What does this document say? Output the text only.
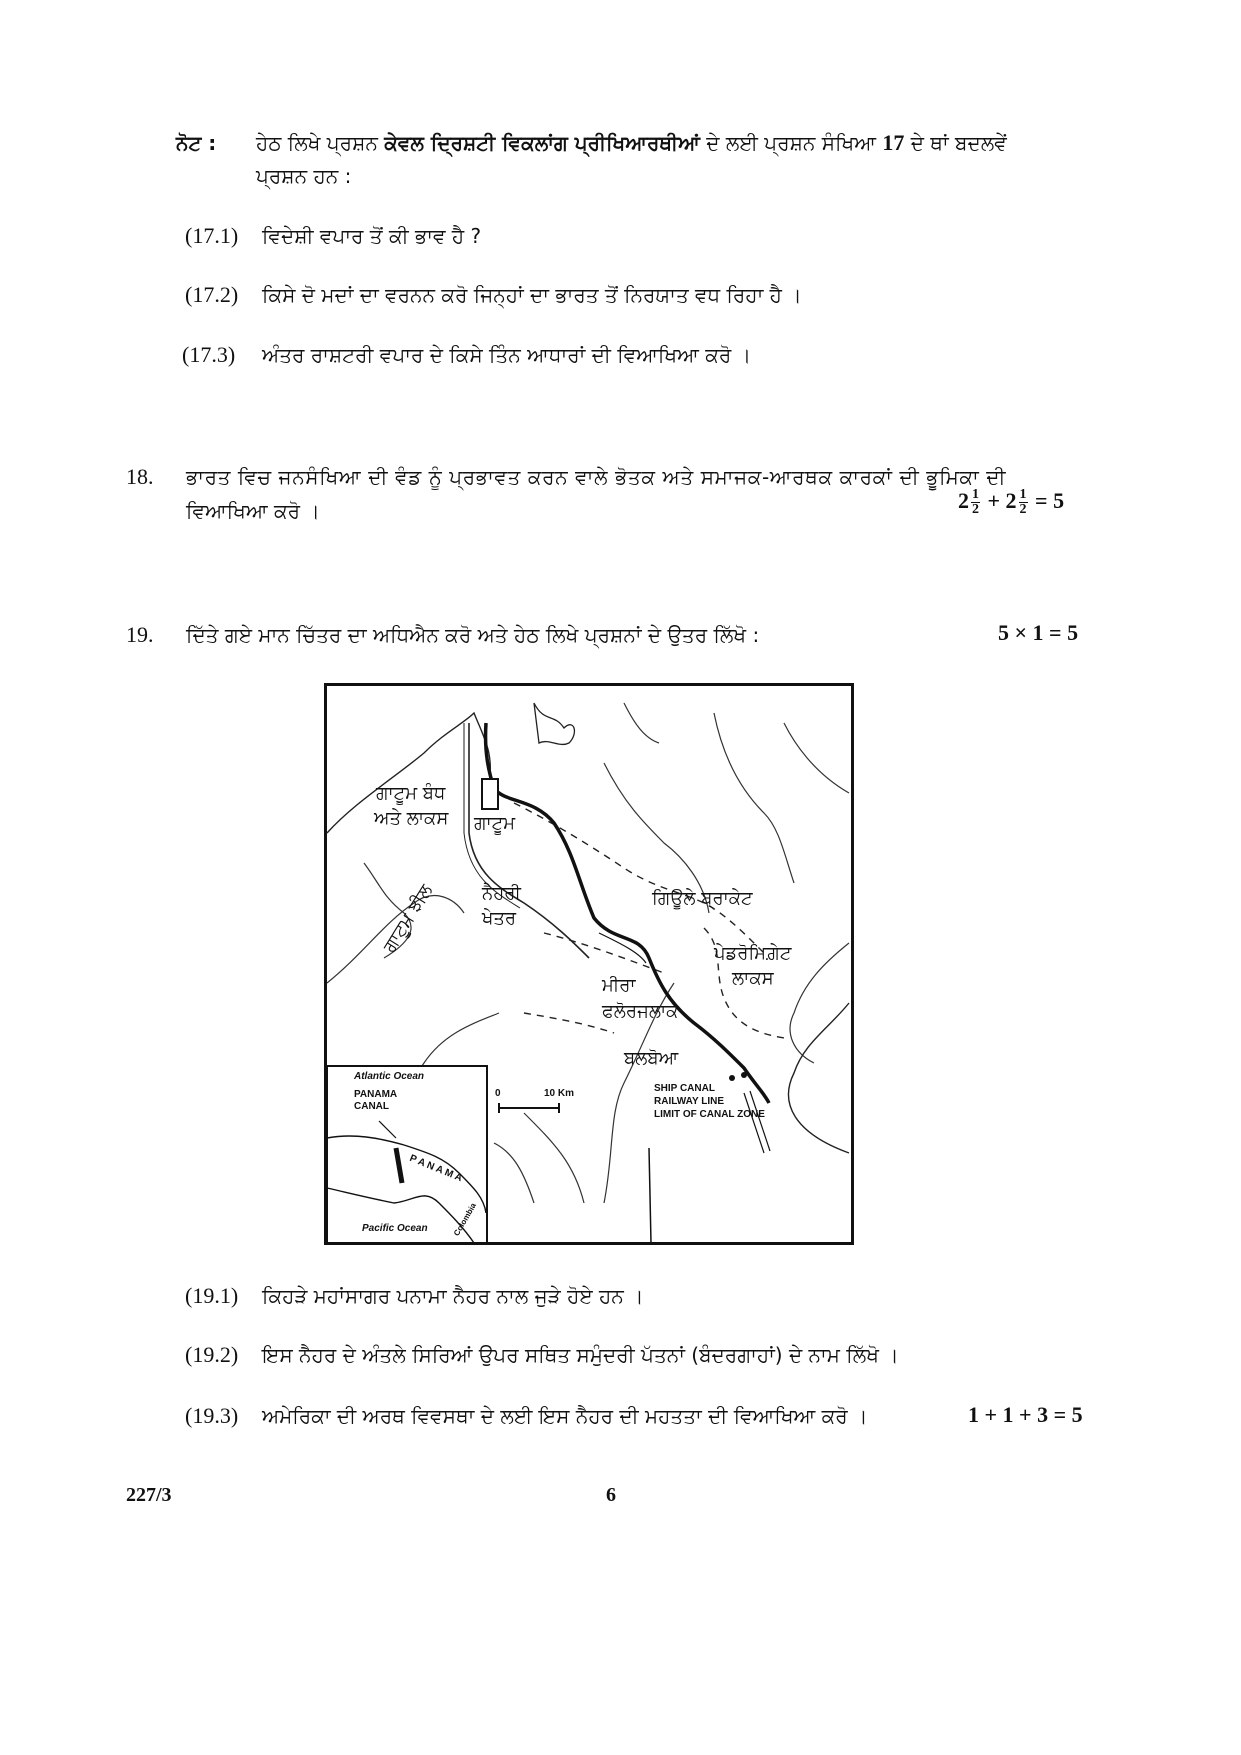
ਨੋਟ : ਹੇਠ ਲਿਖੇ ਪ੍ਰਸ਼ਨ ਕੇਵਲ ਦ੍ਰਿਸ਼ਟੀ ਵਿਕਲਾਂਗ ਪ੍ਰੀਖਿਆਰਥੀਆਂ ਦੇ ਲਈ ਪ੍ਰਸ਼ਨ ਸੰਖਿਆ 17 ਦੇ ਥਾਂ ਬਦਲਵੇਂ
ਪ੍ਰਸ਼ਨ ਹਨ :
(17.1) ਵਿਦੇਸ਼ੀ ਵਪਾਰ ਤੋਂ ਕੀ ਭਾਵ ਹੈ ?
(17.2) ਕਿਸੇ ਦੋ ਮਦਾਂ ਦਾ ਵਰਨਨ ਕਰੋ ਜਿਨ੍ਹਾਂ ਦਾ ਭਾਰਤ ਤੋਂ ਨਿਰਯਾਤ ਵਧ ਰਿਹਾ ਹੈ ।
(17.3) ਅੰਤਰ ਰਾਸ਼ਟਰੀ ਵਪਾਰ ਦੇ ਕਿਸੇ ਤਿੰਨ ਆਧਾਰਾਂ ਦੀ ਵਿਆਖਿਆ ਕਰੋ ।
18. ਭਾਰਤ ਵਿਚ ਜਨਸੰਖਿਆ ਦੀ ਵੰਡ ਨੂੰ ਪ੍ਰਭਾਵਤ ਕਰਨ ਵਾਲੇ ਭੋਤਕ ਅਤੇ ਸਮਾਜਕ-ਆਰਥਕ ਕਾਰਕਾਂ ਦੀ ਭੂਮਿਕਾ ਦੀ
ਵਿਆਖਿਆ ਕਰੋ ।	$2 \frac{1}{2} + 2 \frac{1}{2} = 5$
19. ਦਿੱਤੇ ਗਏ ਮਾਨ ਚਿੱਤਰ ਦਾ ਅਧਿਐਨ ਕਰੋ ਅਤੇ ਹੇਠ ਲਿਖੇ ਪ੍ਰਸ਼ਨਾਂ ਦੇ ਉਤਰ ਲਿੱਖੋ :	5 × 1 = 5
ਗਾਟੂਮ ਬੰਧ
ਅਤੇ ਲਾਕਸ ਗਾਟੂਮ
ਨੈਹਰੀ
ਖੇਤਰ
ਗਾਟੂਮ ਝੀਲ	ਗਿਊਲੇ ਬ੍ਰਾਕੇਟ
ਪੇਡਰੋਮਿਗ਼ੇਟ
ਲਾਕਸ
ਮੀਰਾ
ਫਲੋਰਜਲਾਕ
ਬਲਬੋਆ
Atlantic Ocean
PANAMA
CANAL
P A N A M A
Pacific Ocean	Colombia
0	10 Km	SHIP CANAL
RAILWAY LINE
LIMIT OF CANAL ZONE
(19.1) ਕਿਹੜੇ ਮਹਾਂਸਾਗਰ ਪਨਾਮਾ ਨੈਹਰ ਨਾਲ ਜੁੜੇ ਹੋਏ ਹਨ ।
(19.2) ਇਸ ਨੈਹਰ ਦੇ ਅੰਤਲੇ ਸਿਰਿਆਂ ਉਪਰ ਸਥਿਤ ਸਮੁੰਦਰੀ ਪੱਤਨਾਂ (ਬੰਦਰਗਾਹਾਂ) ਦੇ ਨਾਮ ਲਿੱਖੋ ।
(19.3) ਅਮੇਰਿਕਾ ਦੀ ਅਰਥ ਵਿਵਸਥਾ ਦੇ ਲਈ ਇਸ ਨੈਹਰ ਦੀ ਮਹਤਤਾ ਦੀ ਵਿਆਖਿਆ ਕਰੋ ।	1 + 1 + 3 = 5
227/3	6
